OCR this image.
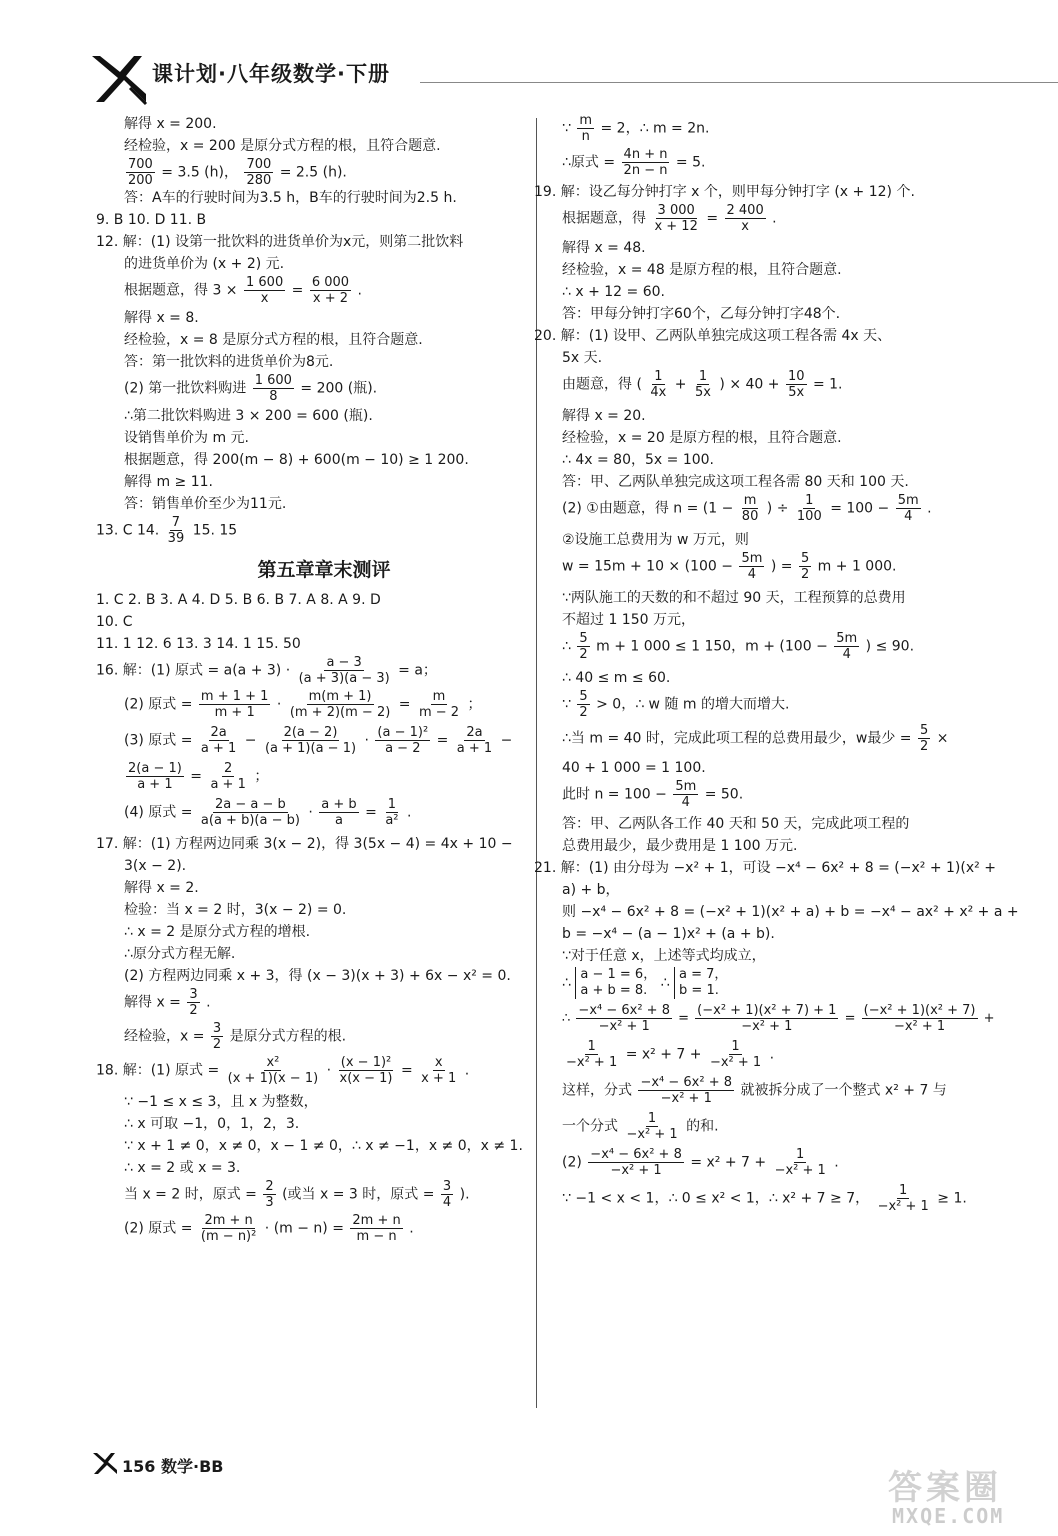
课计划·八年级数学·下册

解得 x = 200.

经检验，x = 200 是原分式方程的根，且符合题意.

$\frac{700}{200} = 3.5$ (h)， $\frac{700}{280} = 2.5$ (h).

答：A车的行驶时间为3.5 h，B车的行驶时间为2.5 h.

9. B 10. D 11. B

12. 解：(1) 设第一批饮料的进货单价为x元，则第二批饮料

的进货单价为 (x + 2) 元.

根据题意，得 $3 \times \frac{1 600}{x} = \frac{6 000}{x + 2}$ .

解得 x = 8.

经检验，x = 8 是原分式方程的根，且符合题意.

答：第一批饮料的进货单价为8元.

(2) 第一批饮料购进 $\frac{1 600}{8} = 200$ (瓶).

∴第二批饮料购进 3 × 200 = 600 (瓶).

设销售单价为 m 元.

根据题意，得 200(m − 8) + 600(m − 10) ≥ 1 200.

解得 m ≥ 11.

答：销售单价至少为11元.

13. C 14. $\frac{7}{39} 15$. 15

第五章章末测评

1. C 2. B 3. A 4. D 5. B 6. B 7. A 8. A 9. D

10. C

11. 1 12. 6 13. 3 14. 1 15. 50

16. 解：(1) 原式 = $a(a + 3) \cdot \frac{a - 3}{(a + 3)(a - 3)} = a$；

(2) 原式 = $\frac{m + 1 + 1}{m + 1} \cdot \frac{m(m + 1)}{(m + 2)(m - 2)} = \frac{m}{m - 2}$ ；

(3) 原式 = $\frac{2a}{a + 1} - \frac{2(a - 2)}{(a + 1)(a - 1)} \cdot \frac{\text{(a − 1)²}}{a - 2} = \frac{2a}{a + 1}$ −

$\frac{2(a - 1)}{a + 1} = \frac{2}{a + 1}$ ；

(4) 原式 = $\frac{2a - a - b}{a(a + b)(a - b)} \cdot \frac{a + b}{a} = \frac{1}{\text{a²}}$ .

17. 解：(1) 方程两边同乘 3(x − 2)，得 3(5x − 4) = 4x + 10 −

3(x − 2).

解得 x = 2.

检验：当 x = 2 时，3(x − 2) = 0.

∴ x = 2 是原分式方程的增根.

∴原分式方程无解.

(2) 方程两边同乘 x + 3，得 (x − 3)(x + 3) + 6x − x² = 0.

解得 $x = \frac{3}{2}$ .

经检验，$x = \frac{3}{2}$ 是原分式方程的根.

18. 解：(1) 原式 = $\frac{\text{x²}}{(x + 1)(x - 1)} \cdot \frac{\text{(x − 1)²}}{x(x - 1)} = \frac{x}{x + 1}$ .

∵ −1 ≤ x ≤ 3，且 x 为整数，

∴ x 可取 −1，0，1，2，3.

∵ x + 1 ≠ 0，x ≠ 0，x − 1 ≠ 0，∴ x ≠ −1，x ≠ 0，x ≠ 1.

∴ x = 2 或 x = 3.

当 x = 2 时，原式 = $\frac{2}{3}$ (或当 x = 3 时，原式 = $\frac{3}{4}$ ).

(2) 原式 = $\frac{2m + n}{\text{(m − n)²}} \cdot (m - n) = \frac{2m + n}{m - n}$ .

∵ $\frac{m}{n} = 2$，∴ m = 2n.

∴原式 = $\frac{4n + n}{2n - n} = 5$.

19. 解：设乙每分钟打字 x 个，则甲每分钟打字 (x + 12) 个.

根据题意，得 $\frac{3 000}{x + 12} = \frac{2 400}{x}$ .

解得 x = 48.

经检验，x = 48 是原方程的根，且符合题意.

∴ x + 12 = 60.

答：甲每分钟打字60个，乙每分钟打字48个.

20. 解：(1) 设甲、乙两队单独完成这项工程各需 4x 天、

5x 天.

由题意，得 ( $\frac{1}{4x} + \frac{1}{5x}$ ) × $40 + \frac{10}{5x} = 1$.

解得 x = 20.

经检验，x = 20 是原方程的根，且符合题意.

∴ 4x = 80，5x = 100.

答：甲、乙两队单独完成这项工程各需 80 天和 100 天.

(2) ①由题意，得 $n = (1 - \frac{m}{80}$ ) ÷ $\frac{1}{100} = 100 - \frac{5m}{4}$ .

②设施工总费用为 w 万元，则

$w = 15m + 10 \times (100 - \frac{5m}{4}$ ) = $\frac{5}{2}$ m + 1 000.

∵两队施工的天数的和不超过 90 天，工程预算的总费用

不超过 1 150 万元，

∴ $\frac{5}{2}$ m + 1 000 ≤ 1 150，$m + (100 - \frac{5m}{4}$ ) ≤ 90.

∴ 40 ≤ m ≤ 60.

∵ $\frac{5}{2} > 0$，∴ w 随 m 的增大而增大.

∴当 m = 40 时，完成此项工程的总费用最少，w最少 = $\frac{5}{2}$ ×

40 + 1 000 = 1 100.

此时 $n = 100 - \frac{5m}{4} = 50$.

答：甲、乙两队各工作 40 天和 50 天，完成此项工程的

总费用最少，最少费用是 1 100 万元.

21. 解：(1) 由分母为 −x² + 1，可设 −x⁴ − 6x² + 8 = (−x² + 1)(x² +

a) + b，

则 −x⁴ − 6x² + 8 = (−x² + 1)(x² + a) + b = −x⁴ − ax² + x² + a +

b = −x⁴ − (a − 1)x² + (a + b).

∵对于任意 x，上述等式均成立，

∴
a − 1 = 6，
a + b = 8. ∴
a = 7，
b = 1.

∴ $\frac{\text{−x⁴ − 6x² + 8}}{\text{−x² + 1}} = \frac{\text{(−x² + 1)(x² + 7) + 1}}{\text{−x² + 1}} = \frac{\text{(−x² + 1)(x² + 7)}}{\text{−x² + 1}}$ +

$\frac{1}{\text{−x² + 1}} = x^2 + 7 + \frac{1}{\text{−x² + 1}}$ .

这样，分式 $\frac{\text{−x⁴ − 6x² + 8}}{\text{−x² + 1}}$ 就被拆分成了一个整式 x² + 7 与

一个分式 $\frac{1}{\text{−x² + 1}}$ 的和.

$(2) \frac{\text{−x⁴ − 6x² + 8}}{\text{−x² + 1}} = x^2 + 7 + \frac{1}{\text{−x² + 1}}$ .

∵ −1 < x < 1，∴ 0 ≤ x² < 1，∴ x² + 7 ≥ 7， $\frac{1}{\text{−x² + 1}} \ge 1$.

156 数学·BB
答案圈
MXQE.COM
